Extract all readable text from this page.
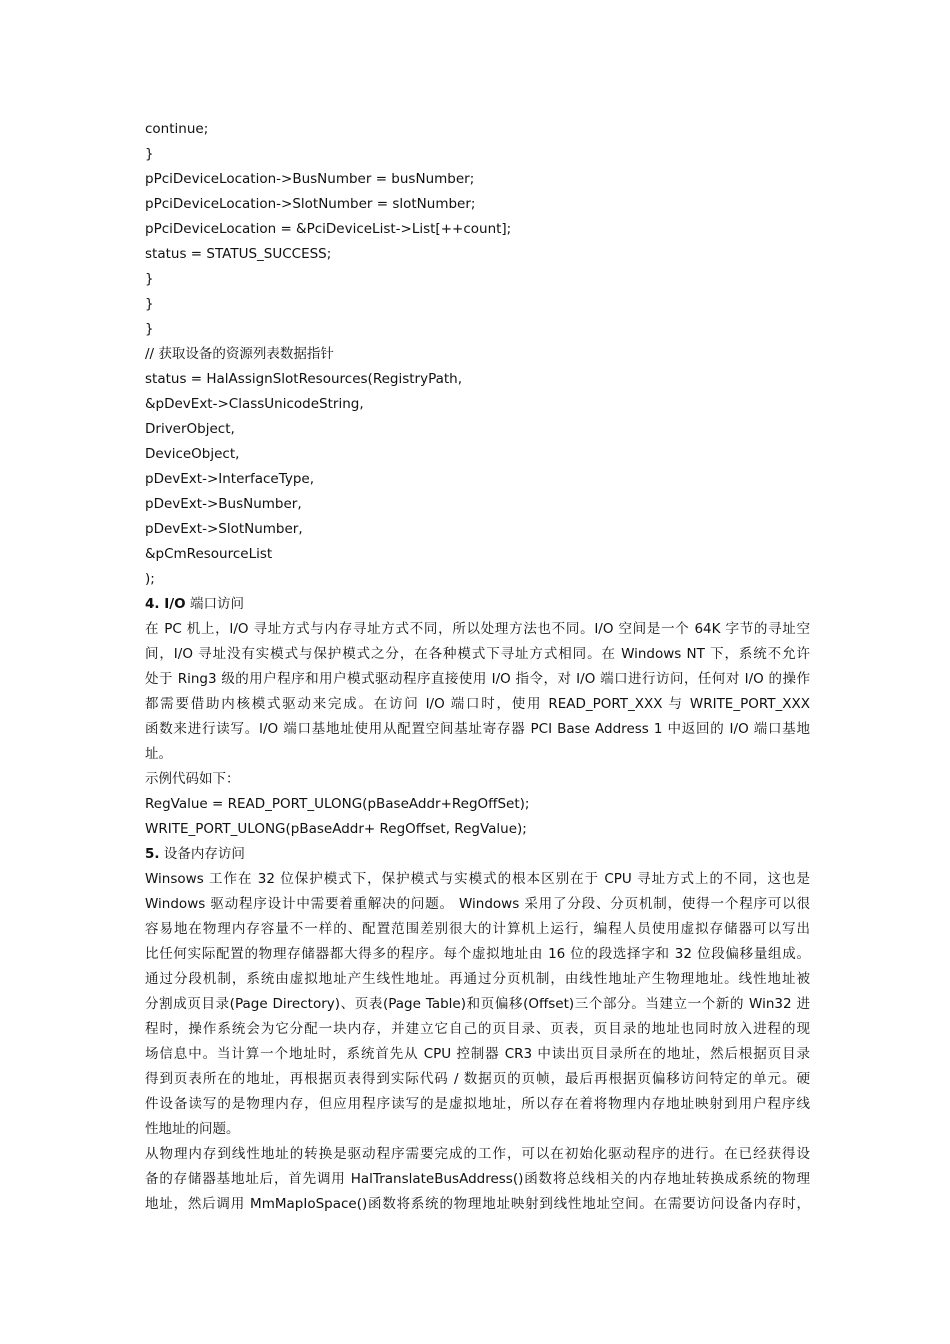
continue;
}
pPciDeviceLocation->BusNumber = busNumber;
pPciDeviceLocation->SlotNumber = slotNumber;
pPciDeviceLocation = &PciDeviceList->List[++count];
status = STATUS_SUCCESS;
}
}
}
// 获取设备的资源列表数据指针
status = HalAssignSlotResources(RegistryPath,
&pDevExt->ClassUnicodeString,
DriverObject,
DeviceObject,
pDevExt->InterfaceType,
pDevExt->BusNumber,
pDevExt->SlotNumber,
&pCmResourceList
);
4. I/O 端口访问
在 PC 机上，I/O 寻址方式与内存寻址方式不同，所以处理方法也不同。I/O 空间是一个 64K 字节的寻址空
间，I/O 寻址没有实模式与保护模式之分，在各种模式下寻址方式相同。在 Windows NT 下，系统不允许
处于 Ring3 级的用户程序和用户模式驱动程序直接使用 I/O 指令，对 I/O 端口进行访问，任何对 I/O 的操作
都需要借助内核模式驱动来完成。在访问 I/O 端口时，使用 READ_PORT_XXX 与 WRITE_PORT_XXX
函数来进行读写。I/O 端口基地址使用从配置空间基址寄存器 PCI Base Address 1 中返回的 I/O 端口基地
址。
示例代码如下：
RegValue = READ_PORT_ULONG(pBaseAddr+RegOffSet);
WRITE_PORT_ULONG(pBaseAddr+ RegOffset, RegValue);
5. 设备内存访问
Winsows 工作在 32 位保护模式下，保护模式与实模式的根本区别在于 CPU 寻址方式上的不同，这也是
Windows 驱动程序设计中需要着重解决的问题。 Windows 采用了分段、分页机制，使得一个程序可以很
容易地在物理内存容量不一样的、配置范围差别很大的计算机上运行，编程人员使用虚拟存储器可以写出
比任何实际配置的物理存储器都大得多的程序。每个虚拟地址由 16 位的段选择字和 32 位段偏移量组成。
通过分段机制，系统由虚拟地址产生线性地址。再通过分页机制，由线性地址产生物理地址。线性地址被
分割成页目录(Page Directory)、页表(Page Table)和页偏移(Offset)三个部分。当建立一个新的 Win32 进
程时，操作系统会为它分配一块内存，并建立它自己的页目录、页表，页目录的地址也同时放入进程的现
场信息中。当计算一个地址时，系统首先从 CPU 控制器 CR3 中读出页目录所在的地址，然后根据页目录
得到页表所在的地址，再根据页表得到实际代码 / 数据页的页帧，最后再根据页偏移访问特定的单元。硬
件设备读写的是物理内存，但应用程序读写的是虚拟地址，所以存在着将物理内存地址映射到用户程序线
性地址的问题。
从物理内存到线性地址的转换是驱动程序需要完成的工作，可以在初始化驱动程序的进行。在已经获得设
备的存储器基地址后，首先调用 HalTranslateBusAddress()函数将总线相关的内存地址转换成系统的物理
地址，然后调用 MmMapIoSpace()函数将系统的物理地址映射到线性地址空间。在需要访问设备内存时，
